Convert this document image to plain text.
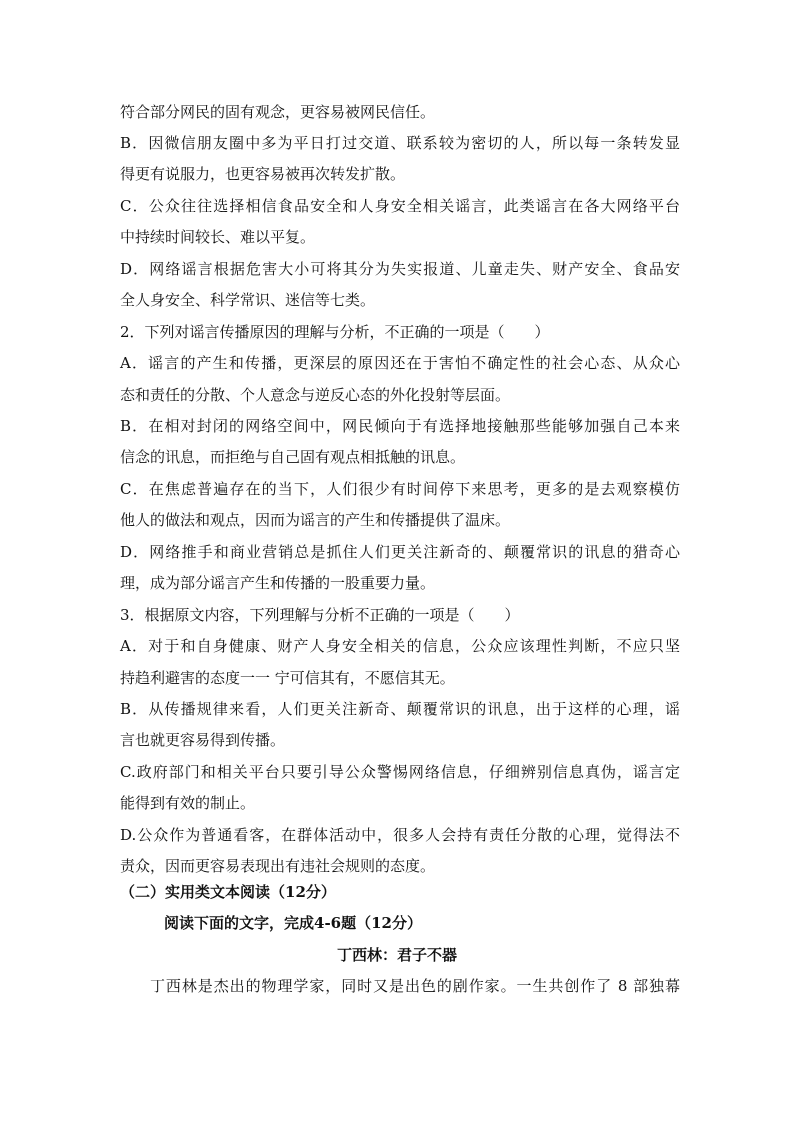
符合部分网民的固有观念，更容易被网民信任。
B．因微信朋友圈中多为平日打过交道、联系较为密切的人，所以每一条转发显
得更有说服力，也更容易被再次转发扩散。
C．公众往往选择相信食品安全和人身安全相关谣言，此类谣言在各大网络平台
中持续时间较长、难以平复。
D．网络谣言根据危害大小可将其分为失实报道、儿童走失、财产安全、食品安
全人身安全、科学常识、迷信等七类。
2．下列对谣言传播原因的理解与分析，不正确的一项是（　　）
A．谣言的产生和传播，更深层的原因还在于害怕不确定性的社会心态、从众心
态和责任的分散、个人意念与逆反心态的外化投射等层面。
B．在相对封闭的网络空间中，网民倾向于有选择地接触那些能够加强自己本来
信念的讯息，而拒绝与自己固有观点相抵触的讯息。
C．在焦虑普遍存在的当下，人们很少有时间停下来思考，更多的是去观察模仿
他人的做法和观点，因而为谣言的产生和传播提供了温床。
D．网络推手和商业营销总是抓住人们更关注新奇的、颠覆常识的讯息的猎奇心
理，成为部分谣言产生和传播的一股重要力量。
3．根据原文内容，下列理解与分析不正确的一项是（　　）
A．对于和自身健康、财产人身安全相关的信息，公众应该理性判断，不应只坚
持趋利避害的态度一一 宁可信其有，不愿信其无。
B．从传播规律来看，人们更关注新奇、颠覆常识的讯息，出于这样的心理，谣
言也就更容易得到传播。
C.政府部门和相关平台只要引导公众警惕网络信息，仔细辨别信息真伪，谣言定
能得到有效的制止。
D.公众作为普通看客，在群体活动中，很多人会持有责任分散的心理，觉得法不
责众，因而更容易表现出有违社会规则的态度。
（二）实用类文本阅读（12分）
阅读下面的文字，完成4-6题（12分）
丁西林：君子不器
丁西林是杰出的物理学家，同时又是出色的剧作家。一生共创作了 8 部独幕
